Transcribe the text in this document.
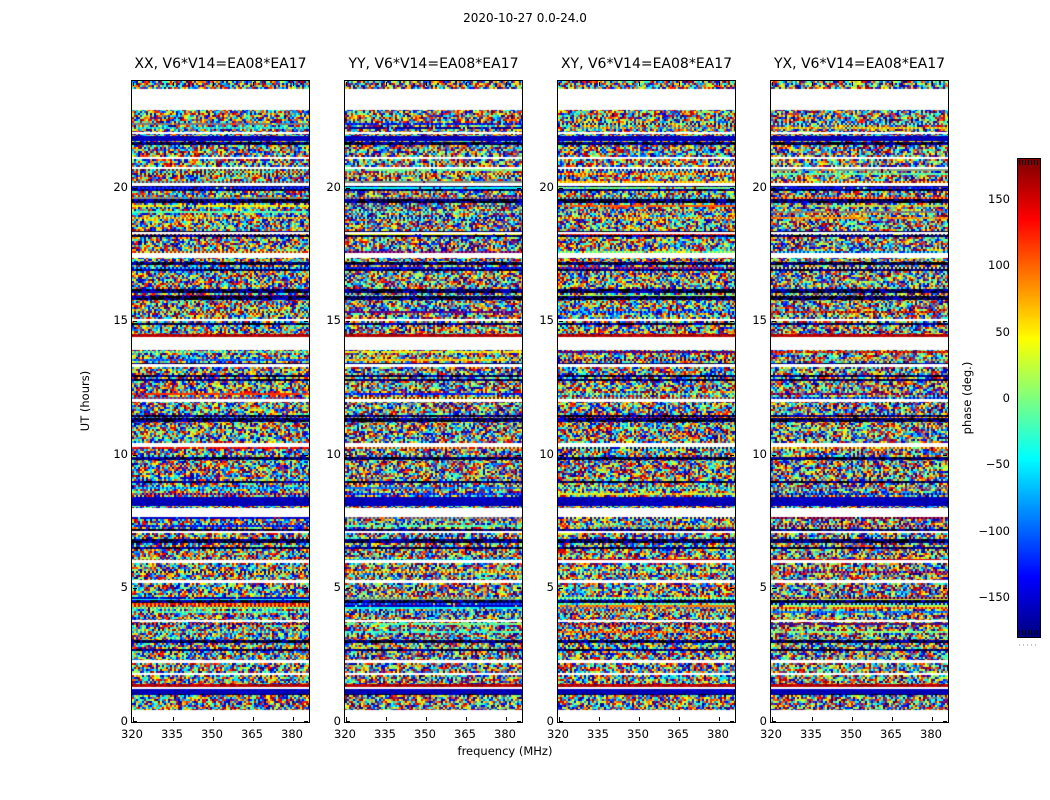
2020-10-27 0.0-24.0
XX, V6*V14=EA08*EA17	YY, V6*V14=EA08*EA17	XY, V6*V14=EA08*EA17	YX, V6*V14=EA08*EA17
320	335	350	365	380
0
5
10
15
20
320	335	350	365	380
0
5
10
15
20
320	335	350	365	380
0
5
10
15
20
320	335	350	365	380
0
5
10
15
20
150
100
50
0
−50
−100
−150
frequency (MHz)
UT (hours)	phase (deg.)
